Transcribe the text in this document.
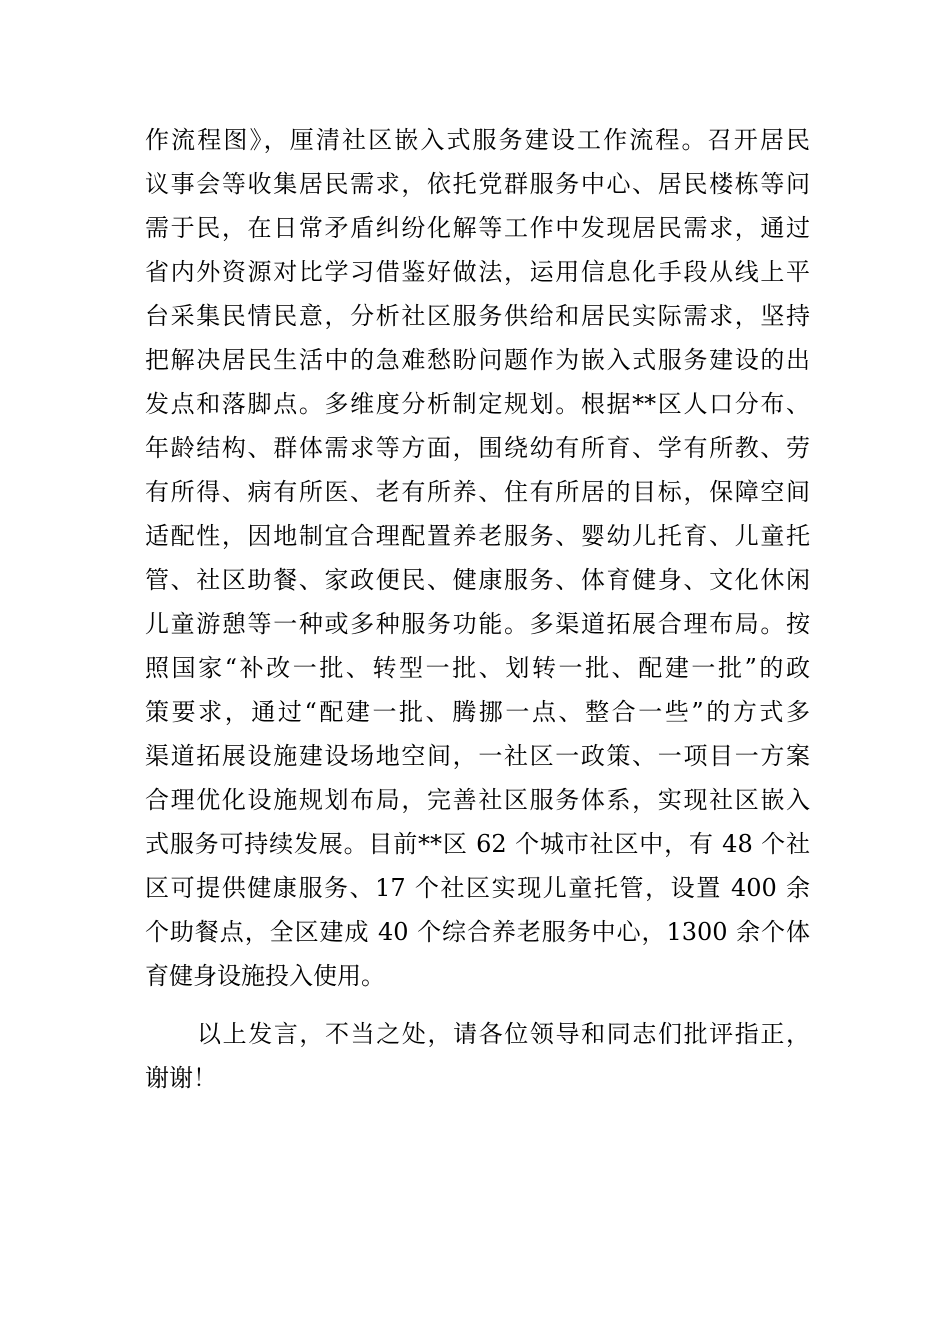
作流程图》，厘清社区嵌入式服务建设工作流程。召开居民
议事会等收集居民需求，依托党群服务中心、居民楼栋等问
需于民，在日常矛盾纠纷化解等工作中发现居民需求，通过
省内外资源对比学习借鉴好做法，运用信息化手段从线上平
台采集民情民意，分析社区服务供给和居民实际需求，坚持
把解决居民生活中的急难愁盼问题作为嵌入式服务建设的出
发点和落脚点。多维度分析制定规划。根据**区人口分布、
年龄结构、群体需求等方面，围绕幼有所育、学有所教、劳
有所得、病有所医、老有所养、住有所居的目标，保障空间
适配性，因地制宜合理配置养老服务、婴幼儿托育、儿童托
管、社区助餐、家政便民、健康服务、体育健身、文化休闲
儿童游憩等一种或多种服务功能。多渠道拓展合理布局。按
照国家“补改一批、转型一批、划转一批、配建一批”的政
策要求，通过“配建一批、腾挪一点、整合一些”的方式多
渠道拓展设施建设场地空间，一社区一政策、一项目一方案
合理优化设施规划布局，完善社区服务体系，实现社区嵌入
式服务可持续发展。目前**区 62 个城市社区中，有 48 个社
区可提供健康服务、17 个社区实现儿童托管，设置 400 余
个助餐点，全区建成 40 个综合养老服务中心，1300 余个体
育健身设施投入使用。
以上发言，不当之处，请各位领导和同志们批评指正，
谢谢！
